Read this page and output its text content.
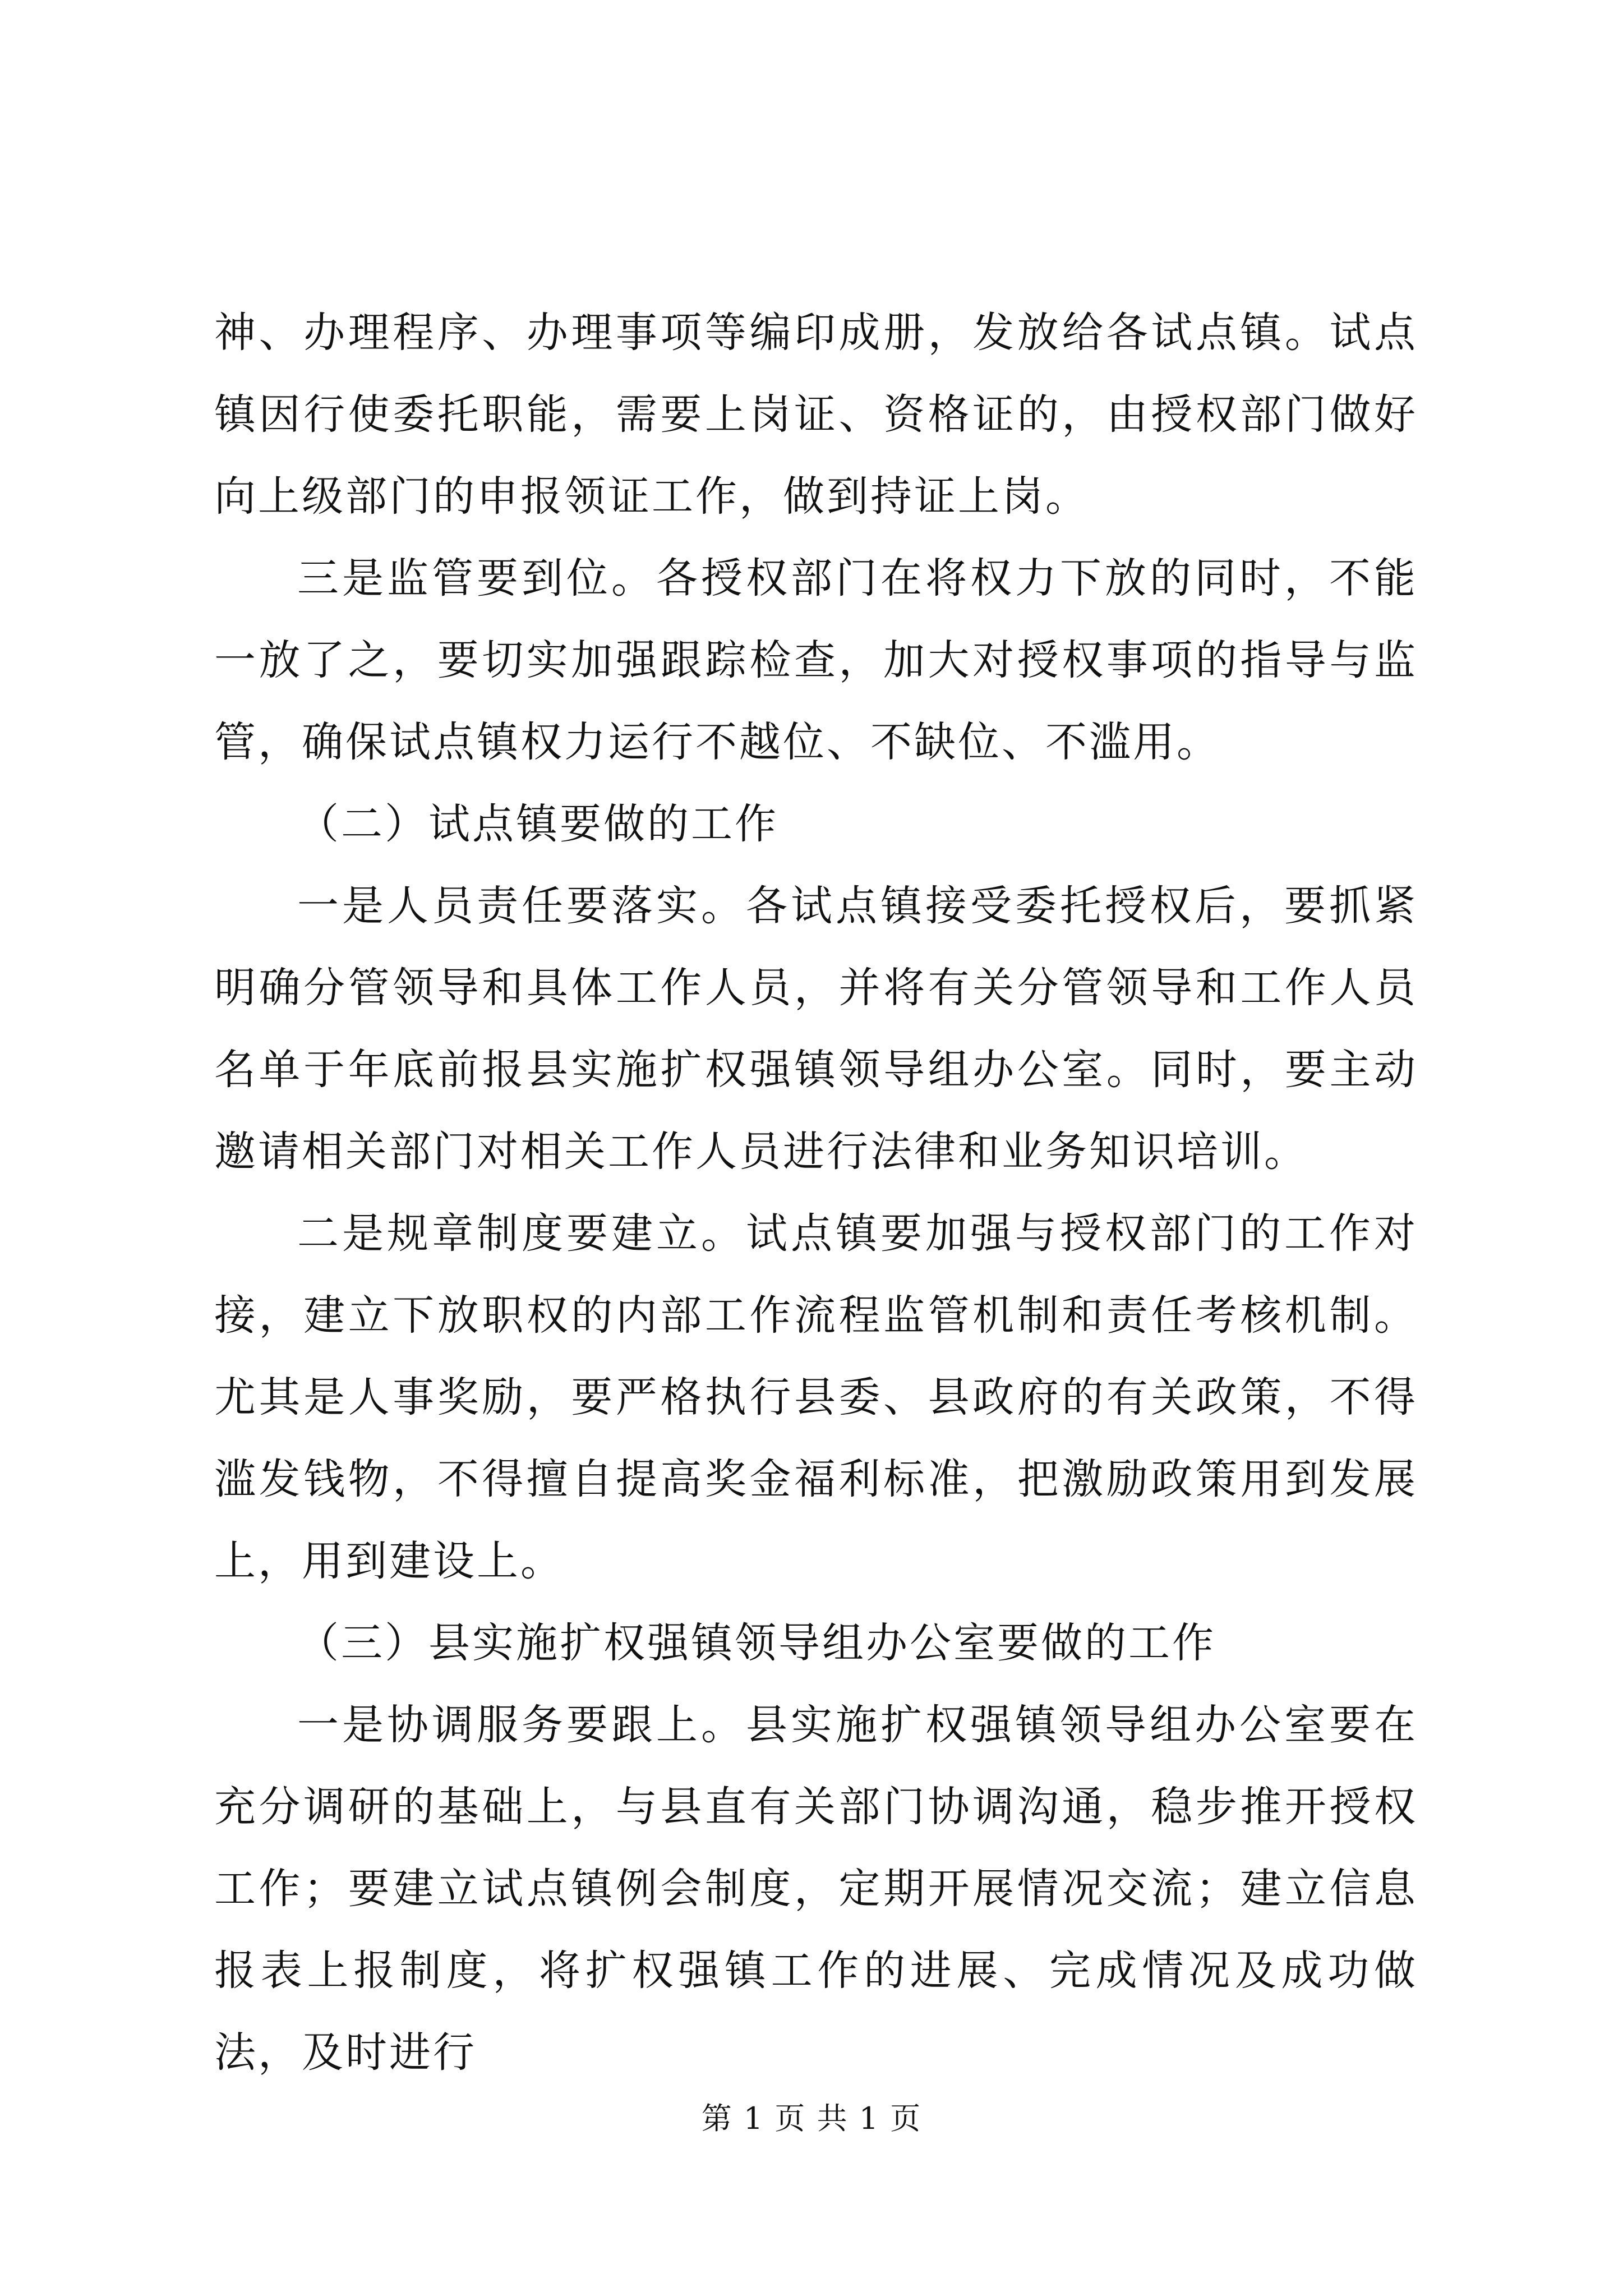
神、办理程序、办理事项等编印成册，发放给各试点镇。试点镇因行使委托职能，需要上岗证、资格证的，由授权部门做好向上级部门的申报领证工作，做到持证上岗。

三是监管要到位。各授权部门在将权力下放的同时，不能一放了之，要切实加强跟踪检查，加大对授权事项的指导与监管，确保试点镇权力运行不越位、不缺位、不滥用。

（二）试点镇要做的工作

一是人员责任要落实。各试点镇接受委托授权后，要抓紧明确分管领导和具体工作人员，并将有关分管领导和工作人员名单于年底前报县实施扩权强镇领导组办公室。同时，要主动邀请相关部门对相关工作人员进行法律和业务知识培训。

二是规章制度要建立。试点镇要加强与授权部门的工作对接，建立下放职权的内部工作流程监管机制和责任考核机制。尤其是人事奖励，要严格执行县委、县政府的有关政策，不得滥发钱物，不得擅自提高奖金福利标准，把激励政策用到发展上，用到建设上。

（三）县实施扩权强镇领导组办公室要做的工作

一是协调服务要跟上。县实施扩权强镇领导组办公室要在充分调研的基础上，与县直有关部门协调沟通，稳步推开授权工作；要建立试点镇例会制度，定期开展情况交流；建立信息报表上报制度，将扩权强镇工作的进展、完成情况及成功做法，及时进行

第 1 页 共 1 页
